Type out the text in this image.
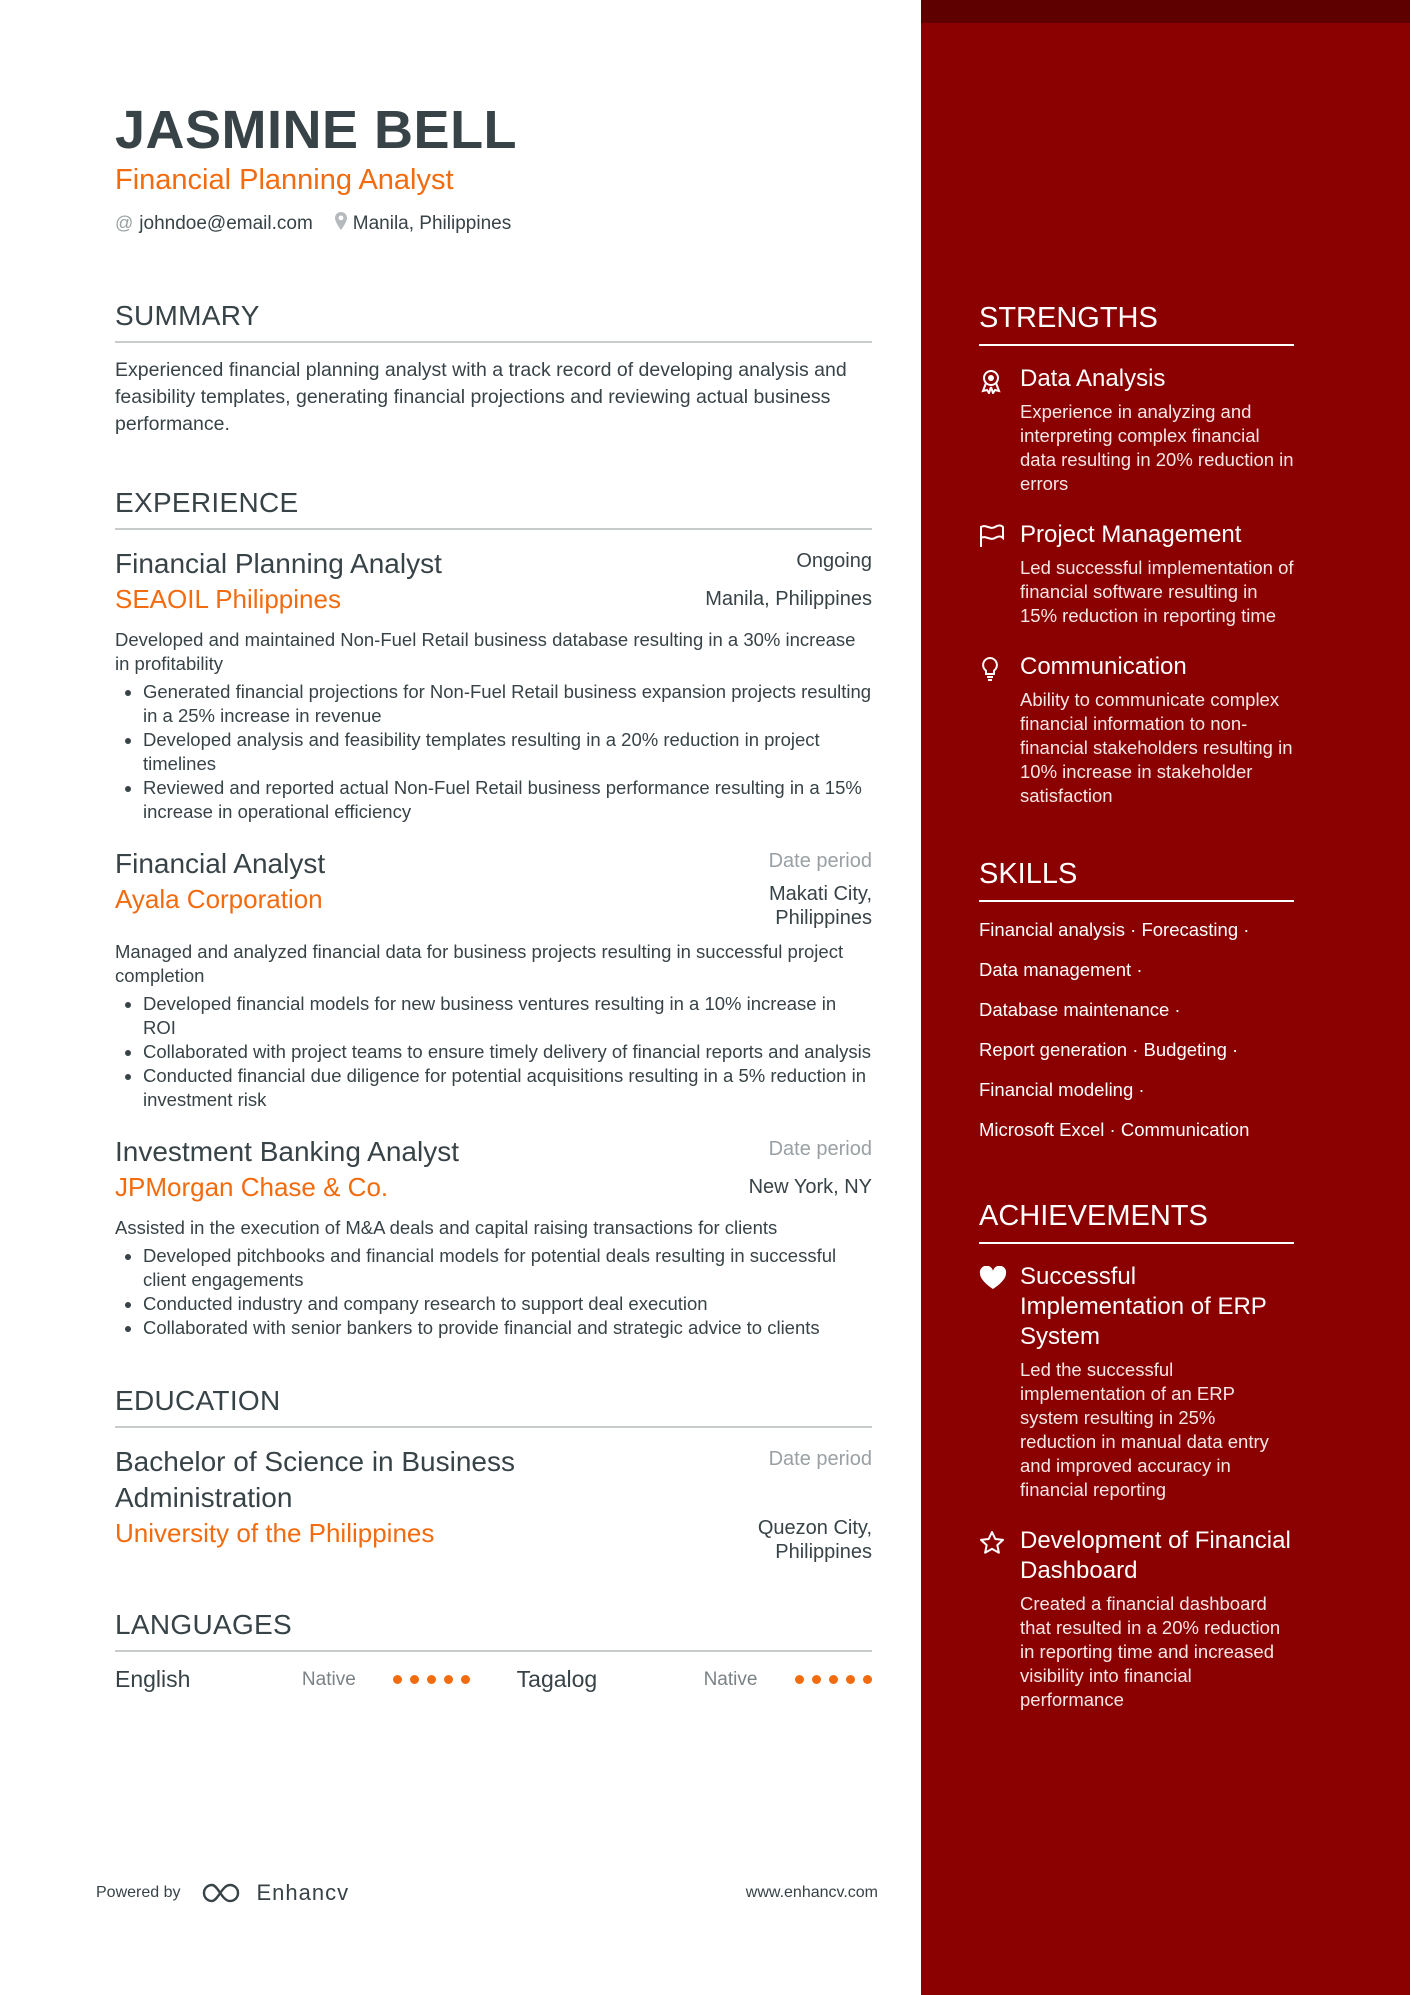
JASMINE BELL
Financial Planning Analyst
@ johndoe@email.com Manila, Philippines
SUMMARY
Experienced financial planning analyst with a track record of developing analysis and feasibility templates, generating financial projections and reviewing actual business performance.
EXPERIENCE
Financial Planning Analyst	Ongoing
SEAOIL Philippines	Manila, Philippines
Developed and maintained Non-Fuel Retail business database resulting in a 30% increase in profitability
• Generated financial projections for Non-Fuel Retail business expansion projects resulting in a 25% increase in revenue
• Developed analysis and feasibility templates resulting in a 20% reduction in project timelines
• Reviewed and reported actual Non-Fuel Retail business performance resulting in a 15% increase in operational efficiency
Financial Analyst	Date period
Ayala Corporation	Makati City,
Philippines
Managed and analyzed financial data for business projects resulting in successful project completion
• Developed financial models for new business ventures resulting in a 10% increase in ROI
• Collaborated with project teams to ensure timely delivery of financial reports and analysis
• Conducted financial due diligence for potential acquisitions resulting in a 5% reduction in investment risk
Investment Banking Analyst	Date period
JPMorgan Chase & Co.	New York, NY
Assisted in the execution of M&A deals and capital raising transactions for clients
• Developed pitchbooks and financial models for potential deals resulting in successful client engagements
• Conducted industry and company research to support deal execution
• Collaborated with senior bankers to provide financial and strategic advice to clients
EDUCATION
Bachelor of Science in Business
Administration
Date period
University of the Philippines	Quezon City,
Philippines
LANGUAGES
English	Native	Tagalog	Native
Powered by	Enhancv	www.enhancv.com
STRENGTHS
Data Analysis
Experience in analyzing and interpreting complex financial data resulting in 20% reduction in errors
Project Management
Led successful implementation of financial software resulting in 15% reduction in reporting time
Communication
Ability to communicate complex financial information to non-financial stakeholders resulting in 10% increase in stakeholder satisfaction
SKILLS
Financial analysis · Forecasting ·
Data management ·
Database maintenance ·
Report generation · Budgeting ·
Financial modeling ·
Microsoft Excel · Communication
ACHIEVEMENTS
Successful Implementation of ERP System
Led the successful implementation of an ERP system resulting in 25% reduction in manual data entry and improved accuracy in financial reporting
Development of Financial Dashboard
Created a financial dashboard that resulted in a 20% reduction in reporting time and increased visibility into financial performance
